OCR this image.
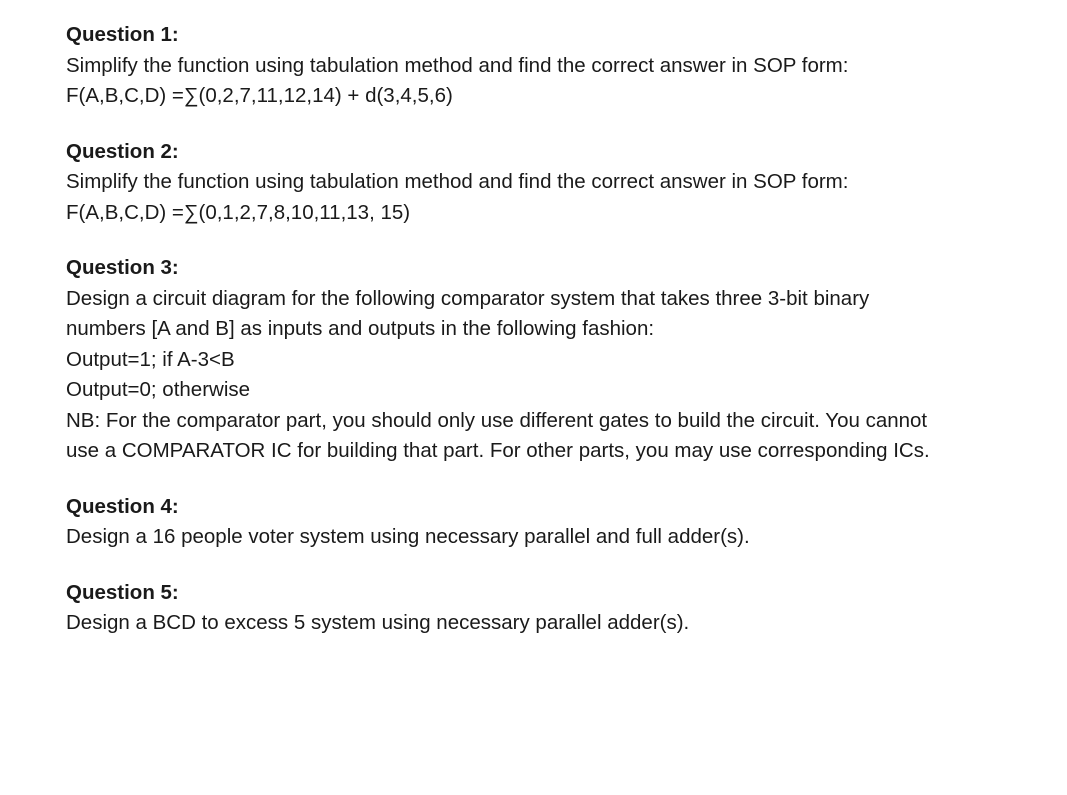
Question 1:

Simplify the function using tabulation method and find the correct answer in SOP form:

F(A,B,C,D) =∑(0,2,7,11,12,14) + d(3,4,5,6)

Question 2:

Simplify the function using tabulation method and find the correct answer in SOP form:

F(A,B,C,D) =∑(0,1,2,7,8,10,11,13, 15)

Question 3:

Design a circuit diagram for the following comparator system that takes three 3-bit binary

numbers [A and B] as inputs and outputs in the following fashion:

Output=1; if A-3<B

Output=0; otherwise

NB: For the comparator part, you should only use different gates to build the circuit. You cannot

use a COMPARATOR IC for building that part. For other parts, you may use corresponding ICs.

Question 4:

Design a 16 people voter system using necessary parallel and full adder(s).

Question 5:

Design a BCD to excess 5 system using necessary parallel adder(s).
